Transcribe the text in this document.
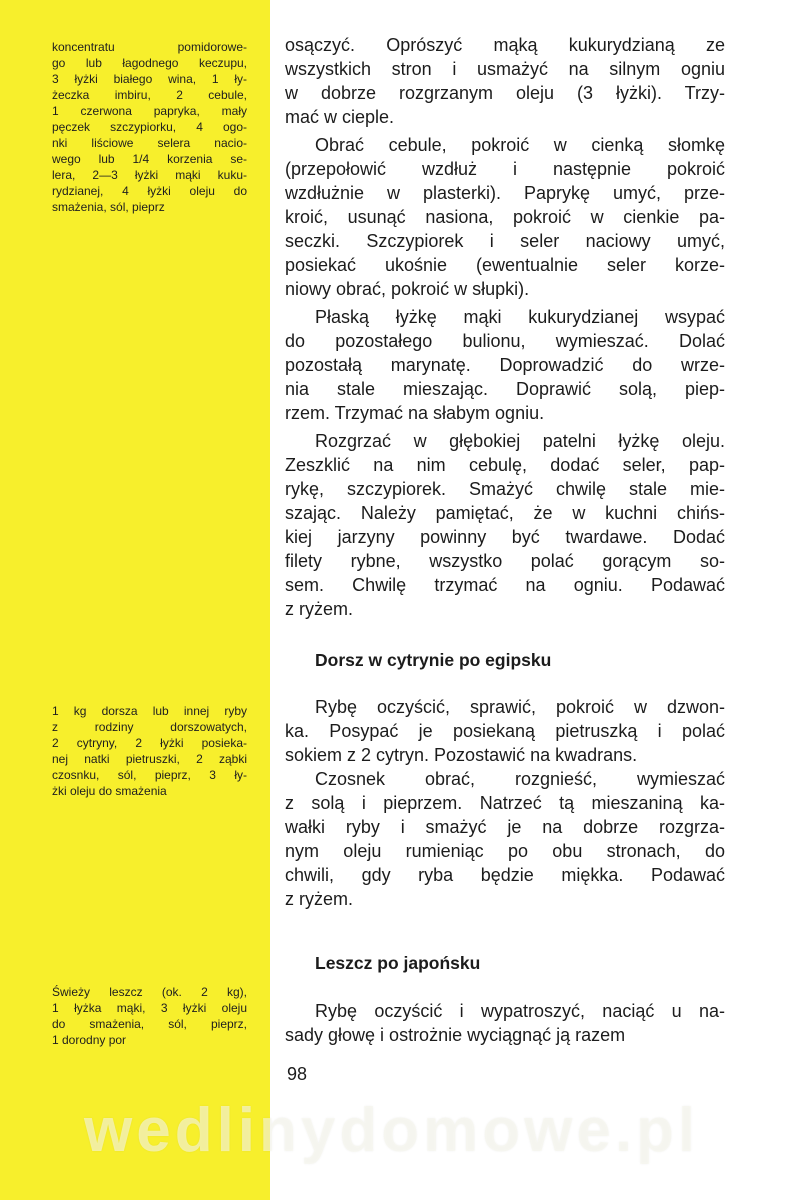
koncentratu pomidorowe-
go lub łagodnego keczupu,
3 łyżki białego wina, 1 ły-
żeczka imbiru, 2 cebule,
1 czerwona papryka, mały
pęczek szczypiorku, 4 ogo-
nki liściowe selera nacio-
wego lub 1/4 korzenia se-
lera, 2—3 łyżki mąki kuku-
rydzianej, 4 łyżki oleju do
smażenia, sól, pieprz
1 kg dorsza lub innej ryby
z rodziny dorszowatych,
2 cytryny, 2 łyżki posieka-
nej natki pietruszki, 2 ząbki
czosnku, sól, pieprz, 3 ły-
żki oleju do smażenia
Świeży leszcz (ok. 2 kg),
1 łyżka mąki, 3 łyżki oleju
do smażenia, sól, pieprz,
1 dorodny por
osączyć. Oprószyć mąką kukurydzianą ze
wszystkich stron i usmażyć na silnym ogniu
w dobrze rozgrzanym oleju (3 łyżki). Trzy-
mać w cieple.
Obrać cebule, pokroić w cienką słomkę
(przepołowić wzdłuż i następnie pokroić
wzdłużnie w plasterki). Paprykę umyć, prze-
kroić, usunąć nasiona, pokroić w cienkie pa-
seczki. Szczypiorek i seler naciowy umyć,
posiekać ukośnie (ewentualnie seler korze-
niowy obrać, pokroić w słupki).
Płaską łyżkę mąki kukurydzianej wsypać
do pozostałego bulionu, wymieszać. Dolać
pozostałą marynatę. Doprowadzić do wrze-
nia stale mieszając. Doprawić solą, piep-
rzem. Trzymać na słabym ogniu.
Rozgrzać w głębokiej patelni łyżkę oleju.
Zeszklić na nim cebulę, dodać seler, pap-
rykę, szczypiorek. Smażyć chwilę stale mie-
szając. Należy pamiętać, że w kuchni chińs-
kiej jarzyny powinny być twardawe. Dodać
filety rybne, wszystko polać gorącym so-
sem. Chwilę trzymać na ogniu. Podawać
z ryżem.
Dorsz w cytrynie po egipsku
Rybę oczyścić, sprawić, pokroić w dzwon-
ka. Posypać je posiekaną pietruszką i polać
sokiem z 2 cytryn. Pozostawić na kwadrans.
Czosnek obrać, rozgnieść, wymieszać
z solą i pieprzem. Natrzeć tą mieszaniną ka-
wałki ryby i smażyć je na dobrze rozgrza-
nym oleju rumieniąc po obu stronach, do
chwili, gdy ryba będzie miękka. Podawać
z ryżem.
Leszcz po japońsku
Rybę oczyścić i wypatroszyć, naciąć u na-
sady głowę i ostrożnie wyciągnąć ją razem
98
wedlinydomowe.pl
